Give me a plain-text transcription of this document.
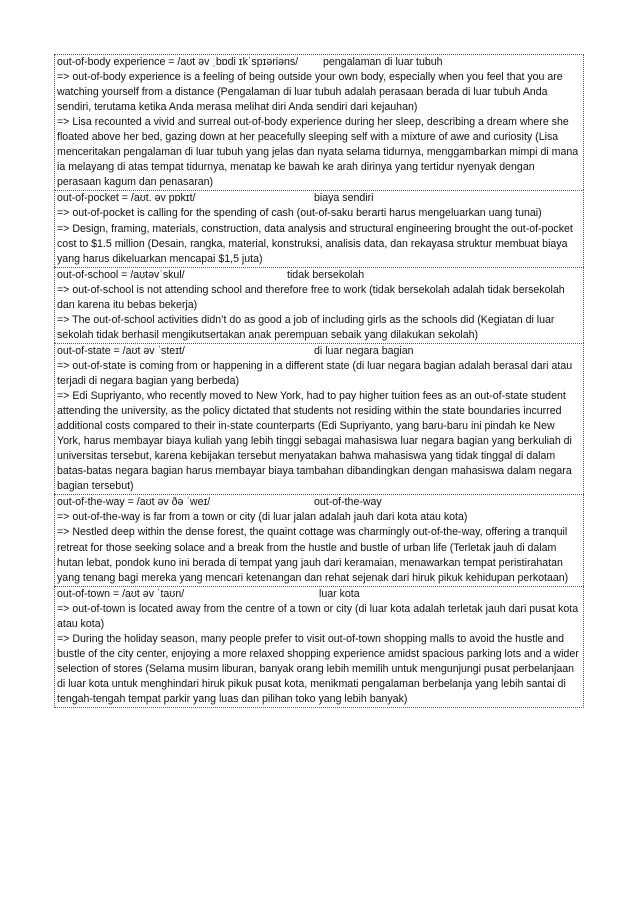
out-of-body experience = /aʊt əv ˌbɒdi ɪkˈspɪəriəns/	pengalaman di luar tubuh

=> out-of-body experience is a feeling of being outside your own body, especially when you feel that you are watching yourself from a distance (Pengalaman di luar tubuh adalah perasaan berada di luar tubuh Anda sendiri, terutama ketika Anda merasa melihat diri Anda sendiri dari kejauhan)

=> Lisa recounted a vivid and surreal out-of-body experience during her sleep, describing a dream where she floated above her bed, gazing down at her peacefully sleeping self with a mixture of awe and curiosity (Lisa menceritakan pengalaman di luar tubuh yang jelas dan nyata selama tidurnya, menggambarkan mimpi di mana ia melayang di atas tempat tidurnya, menatap ke bawah ke arah dirinya yang tertidur nyenyak dengan perasaan kagum dan penasaran)

out-of-pocket = /aʊt. əv pɒkɪt/	biaya sendiri

=> out-of-pocket is calling for the spending of cash (out-of-saku berarti harus mengeluarkan uang tunai)

=> Design, framing, materials, construction, data analysis and structural engineering brought the out-of-pocket cost to $1.5 million (Desain, rangka, material, konstruksi, analisis data, dan rekayasa struktur membuat biaya yang harus dikeluarkan mencapai $1,5 juta)

out-of-school = /aʊtəvˈskul/	tidak bersekolah

=> out-of-school is not attending school and therefore free to work (tidak bersekolah adalah tidak bersekolah dan karena itu bebas bekerja)

=> The out-of-school activities didn’t do as good a job of including girls as the schools did (Kegiatan di luar sekolah tidak berhasil mengikutsertakan anak perempuan sebaik yang dilakukan sekolah)

out-of-state = /aʊt əv ˈsteɪt/	di luar negara bagian

=> out-of-state is coming from or happening in a different state (di luar negara bagian adalah berasal dari atau terjadi di negara bagian yang berbeda)

=> Edi Supriyanto, who recently moved to New York, had to pay higher tuition fees as an out-of-state student attending the university, as the policy dictated that students not residing within the state boundaries incurred additional costs compared to their in-state counterparts (Edi Supriyanto, yang baru-baru ini pindah ke New York, harus membayar biaya kuliah yang lebih tinggi sebagai mahasiswa luar negara bagian yang berkuliah di universitas tersebut, karena kebijakan tersebut menyatakan bahwa mahasiswa yang tidak tinggal di dalam batas-batas negara bagian harus membayar biaya tambahan dibandingkan dengan mahasiswa dalam negara bagian tersebut)

out-of-the-way = /aʊt əv ðə ˈweɪ/	out-of-the-way

=> out-of-the-way is far from a town or city (di luar jalan adalah jauh dari kota atau kota)

=> Nestled deep within the dense forest, the quaint cottage was charmingly out-of-the-way, offering a tranquil retreat for those seeking solace and a break from the hustle and bustle of urban life (Terletak jauh di dalam hutan lebat, pondok kuno ini berada di tempat yang jauh dari keramaian, menawarkan tempat peristirahatan yang tenang bagi mereka yang mencari ketenangan dan rehat sejenak dari hiruk pikuk kehidupan perkotaan)

out-of-town = /aʊt əv ˈtaʊn/	luar kota

=> out-of-town is located away from the centre of a town or city (di luar kota adalah terletak jauh dari pusat kota atau kota)

=> During the holiday season, many people prefer to visit out-of-town shopping malls to avoid the hustle and bustle of the city center, enjoying a more relaxed shopping experience amidst spacious parking lots and a wider selection of stores (Selama musim liburan, banyak orang lebih memilih untuk mengunjungi pusat perbelanjaan di luar kota untuk menghindari hiruk pikuk pusat kota, menikmati pengalaman berbelanja yang lebih santai di tengah-tengah tempat parkir yang luas dan pilihan toko yang lebih banyak)
